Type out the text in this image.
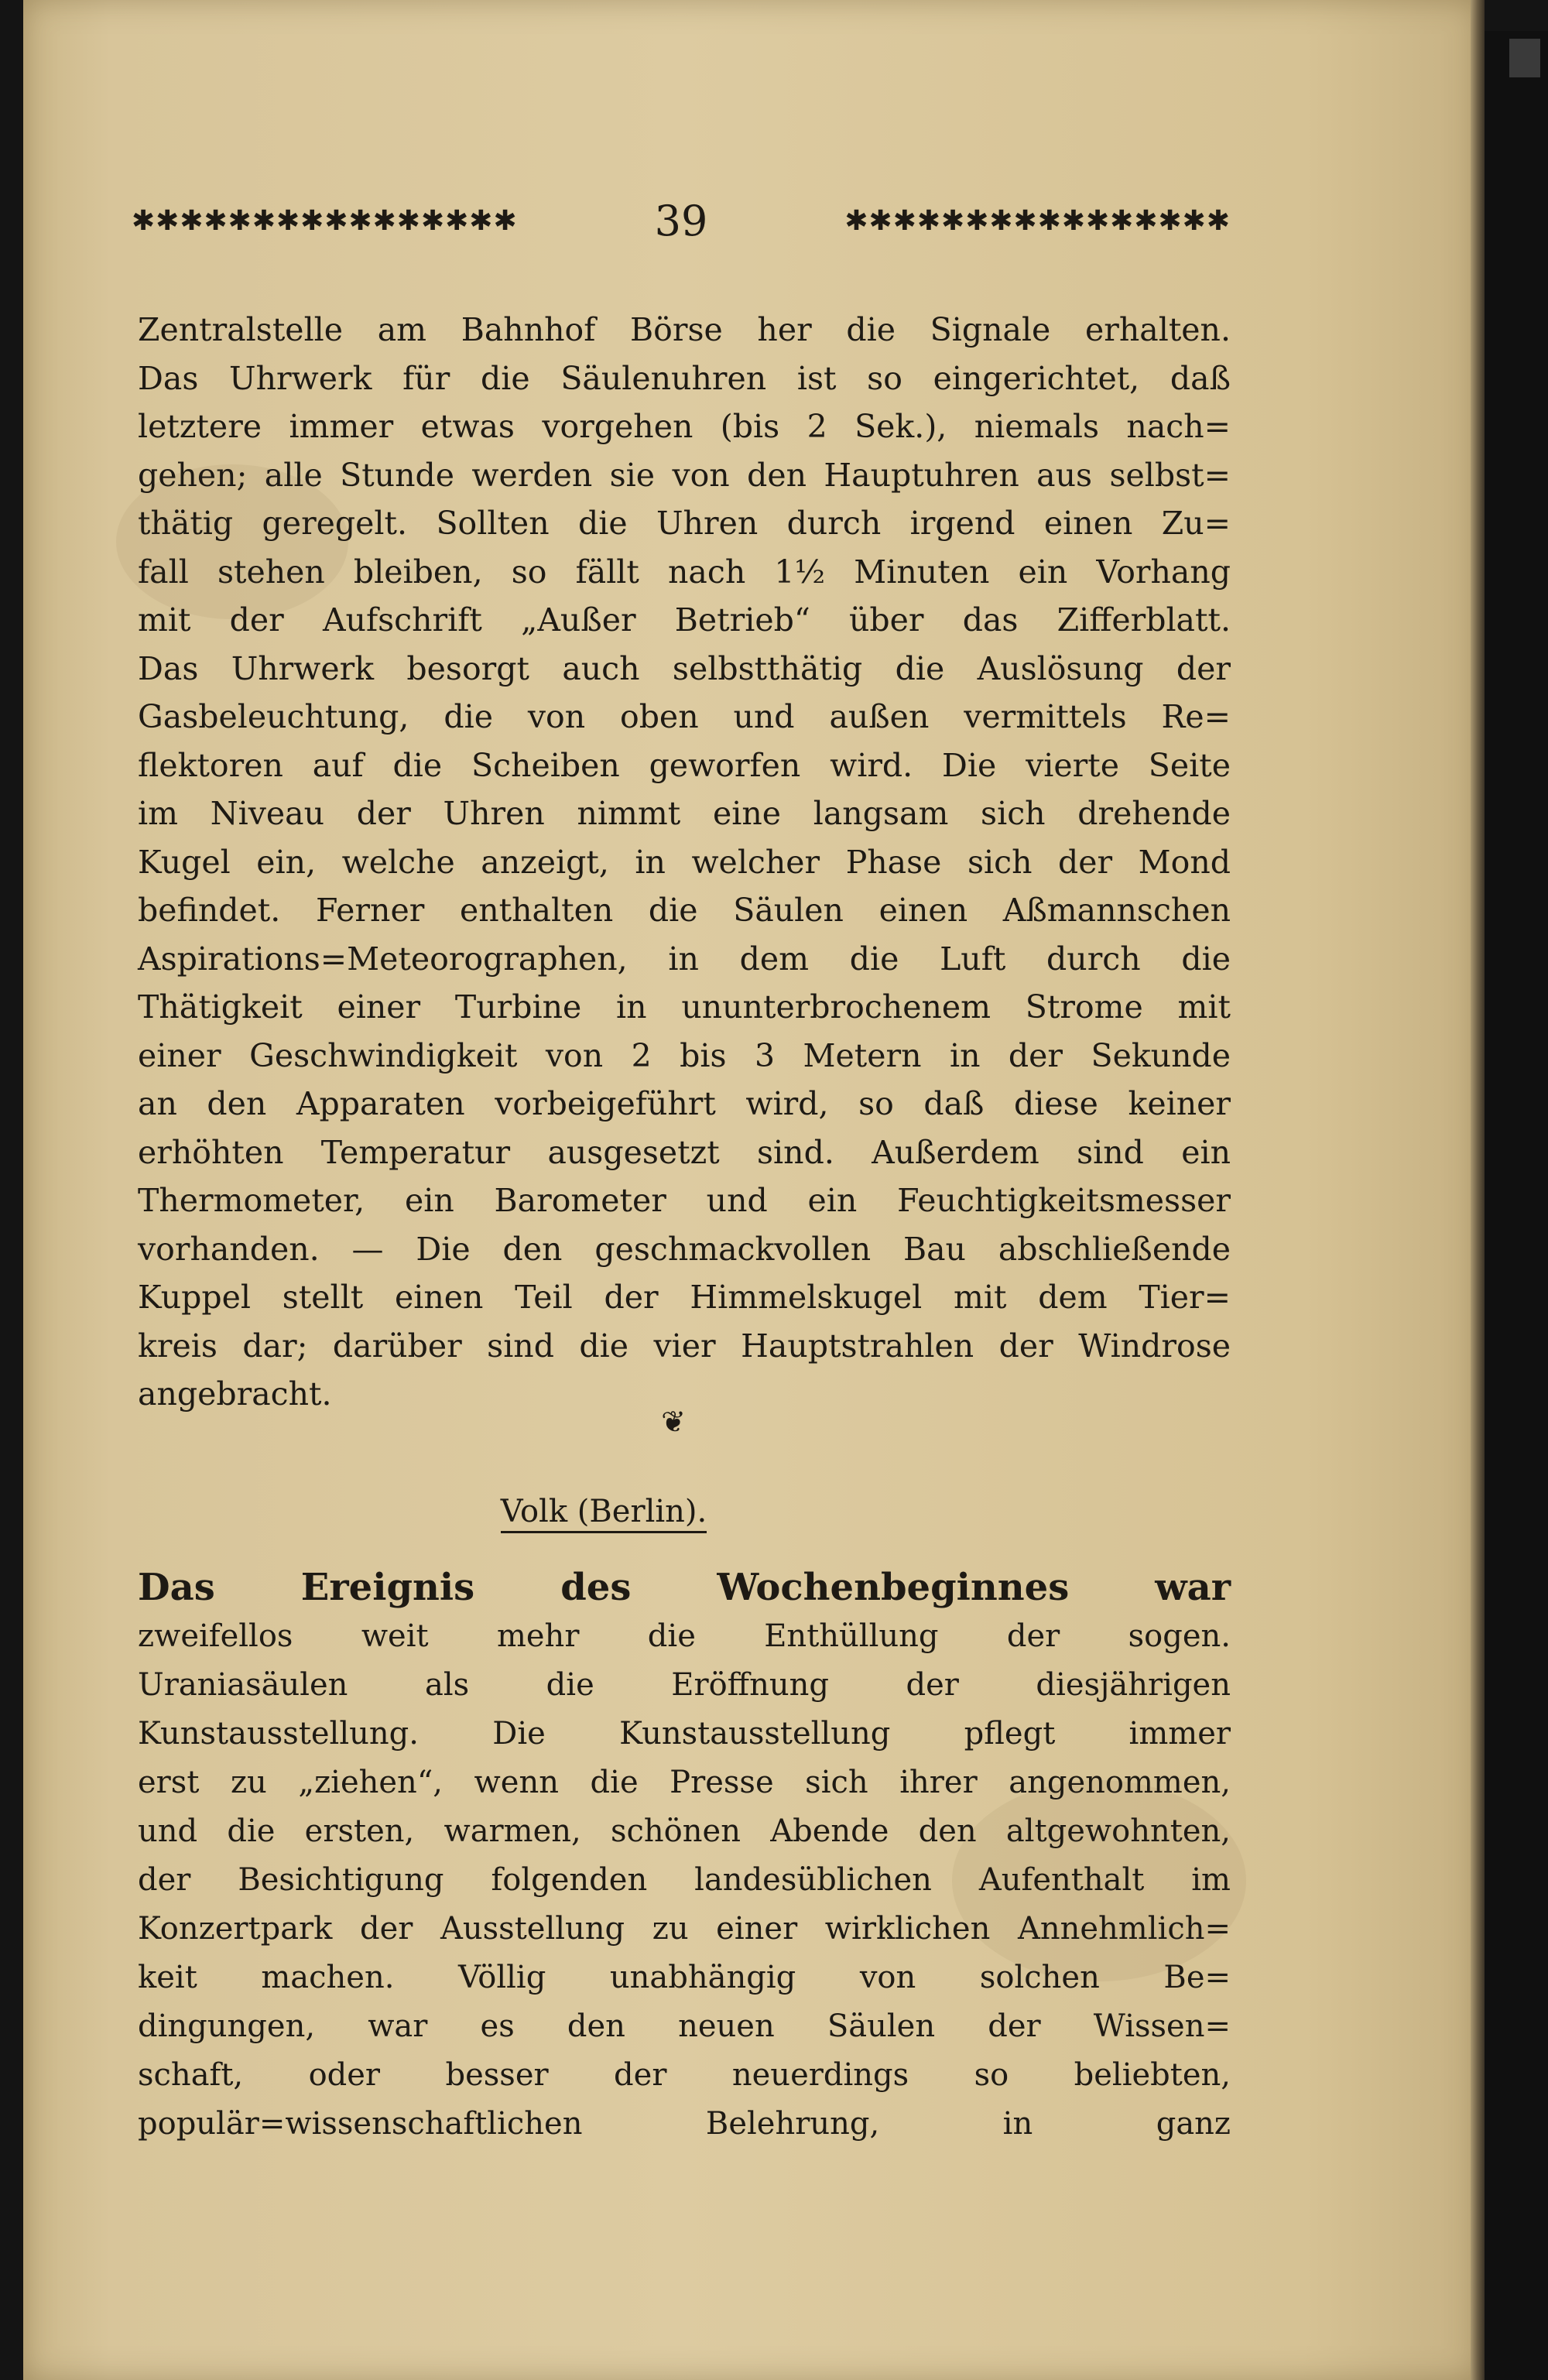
✱✱✱✱✱✱✱✱✱✱✱✱✱✱✱✱	39	✱✱✱✱✱✱✱✱✱✱✱✱✱✱✱✱
Zentralstelle am Bahnhof Börse her die Signale erhalten.
Das Uhrwerk für die Säulenuhren ist so eingerichtet, daß
letztere immer etwas vorgehen (bis 2 Sek.), niemals nach=
gehen; alle Stunde werden sie von den Hauptuhren aus selbst=
thätig geregelt. Sollten die Uhren durch irgend einen Zu=
fall stehen bleiben, so fällt nach 1½ Minuten ein Vorhang
mit der Aufschrift „Außer Betrieb“ über das Zifferblatt.
Das Uhrwerk besorgt auch selbstthätig die Auslösung der
Gasbeleuchtung, die von oben und außen vermittels Re=
flektoren auf die Scheiben geworfen wird. Die vierte Seite
im Niveau der Uhren nimmt eine langsam sich drehende
Kugel ein, welche anzeigt, in welcher Phase sich der Mond
befindet. Ferner enthalten die Säulen einen Aßmannschen
Aspirations=Meteorographen, in dem die Luft durch die
Thätigkeit einer Turbine in ununterbrochenem Strome mit
einer Geschwindigkeit von 2 bis 3 Metern in der Sekunde
an den Apparaten vorbeigeführt wird, so daß diese keiner
erhöhten Temperatur ausgesetzt sind. Außerdem sind ein
Thermometer, ein Barometer und ein Feuchtigkeitsmesser
vorhanden. — Die den geschmackvollen Bau abschließende
Kuppel stellt einen Teil der Himmelskugel mit dem Tier=
kreis dar; darüber sind die vier Hauptstrahlen der Windrose
angebracht.
❦
Volk (Berlin).
Das Ereignis des Wochenbeginnes war
zweifellos weit mehr die Enthüllung der sogen.
Uraniasäulen als die Eröffnung der diesjährigen
Kunstausstellung. Die Kunstausstellung pflegt immer
erst zu „ziehen“, wenn die Presse sich ihrer angenommen,
und die ersten, warmen, schönen Abende den altgewohnten,
der Besichtigung folgenden landesüblichen Aufenthalt im
Konzertpark der Ausstellung zu einer wirklichen Annehmlich=
keit machen. Völlig unabhängig von solchen Be=
dingungen, war es den neuen Säulen der Wissen=
schaft, oder besser der neuerdings so beliebten,
populär=wissenschaftlichen Belehrung, in ganz
